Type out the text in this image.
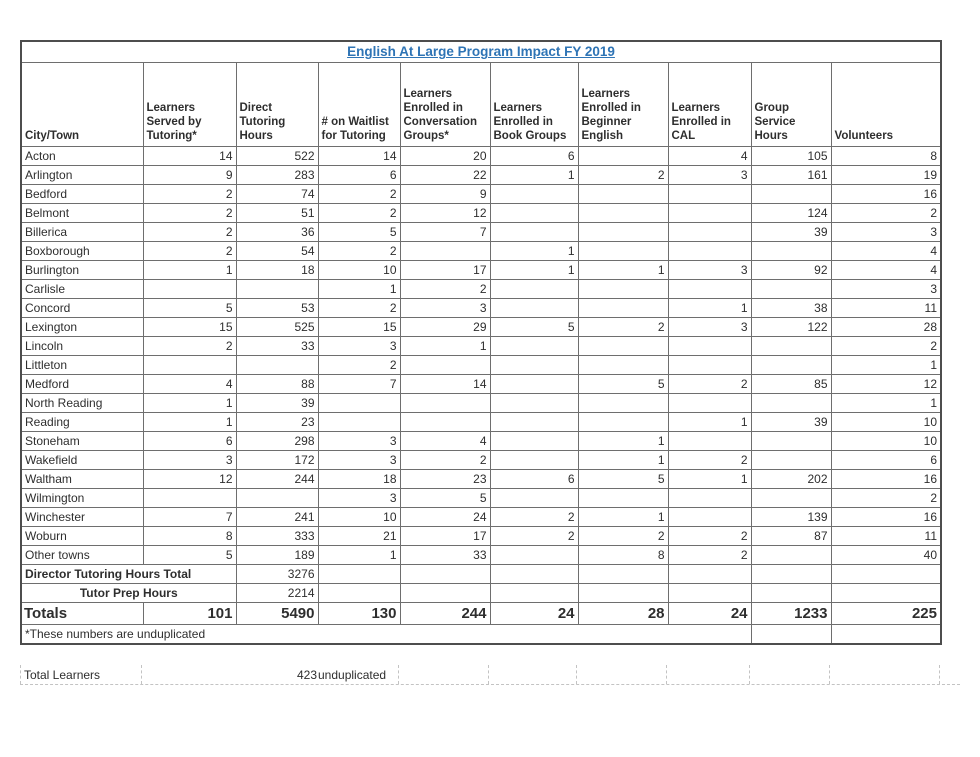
English At Large Program Impact FY 2019									
City/Town	Learners Served by Tutoring*	Direct Tutoring Hours	# on Waitlist for Tutoring	Learners Enrolled in Conversation Groups*	Learners Enrolled in Book Groups	Learners Enrolled in Beginner English	Learners Enrolled in CAL	Group Service Hours	Volunteers
Acton	14	522	14	20	6		4	105	8
Arlington	9	283	6	22	1	2	3	161	19
Bedford	2	74	2	9					16
Belmont	2	51	2	12				124	2
Billerica	2	36	5	7				39	3
Boxborough	2	54	2		1				4
Burlington	1	18	10	17	1	1	3	92	4
Carlisle			1	2					3
Concord	5	53	2	3			1	38	11
Lexington	15	525	15	29	5	2	3	122	28
Lincoln	2	33	3	1					2
Littleton			2						1
Medford	4	88	7	14		5	2	85	12
North Reading	1	39							1
Reading	1	23					1	39	10
Stoneham	6	298	3	4		1			10
Wakefield	3	172	3	2		1	2		6
Waltham	12	244	18	23	6	5	1	202	16
Wilmington			3	5					2
Winchester	7	241	10	24	2	1		139	16
Woburn	8	333	21	17	2	2	2	87	11
Other towns	5	189	1	33		8	2		40
Director Tutoring Hours Total		3276							
Tutor Prep Hours		2214							
Totals	101	5490	130	244	24	28	24	1233	225
*These numbers are unduplicated									
Total Learners	423 unduplicated
